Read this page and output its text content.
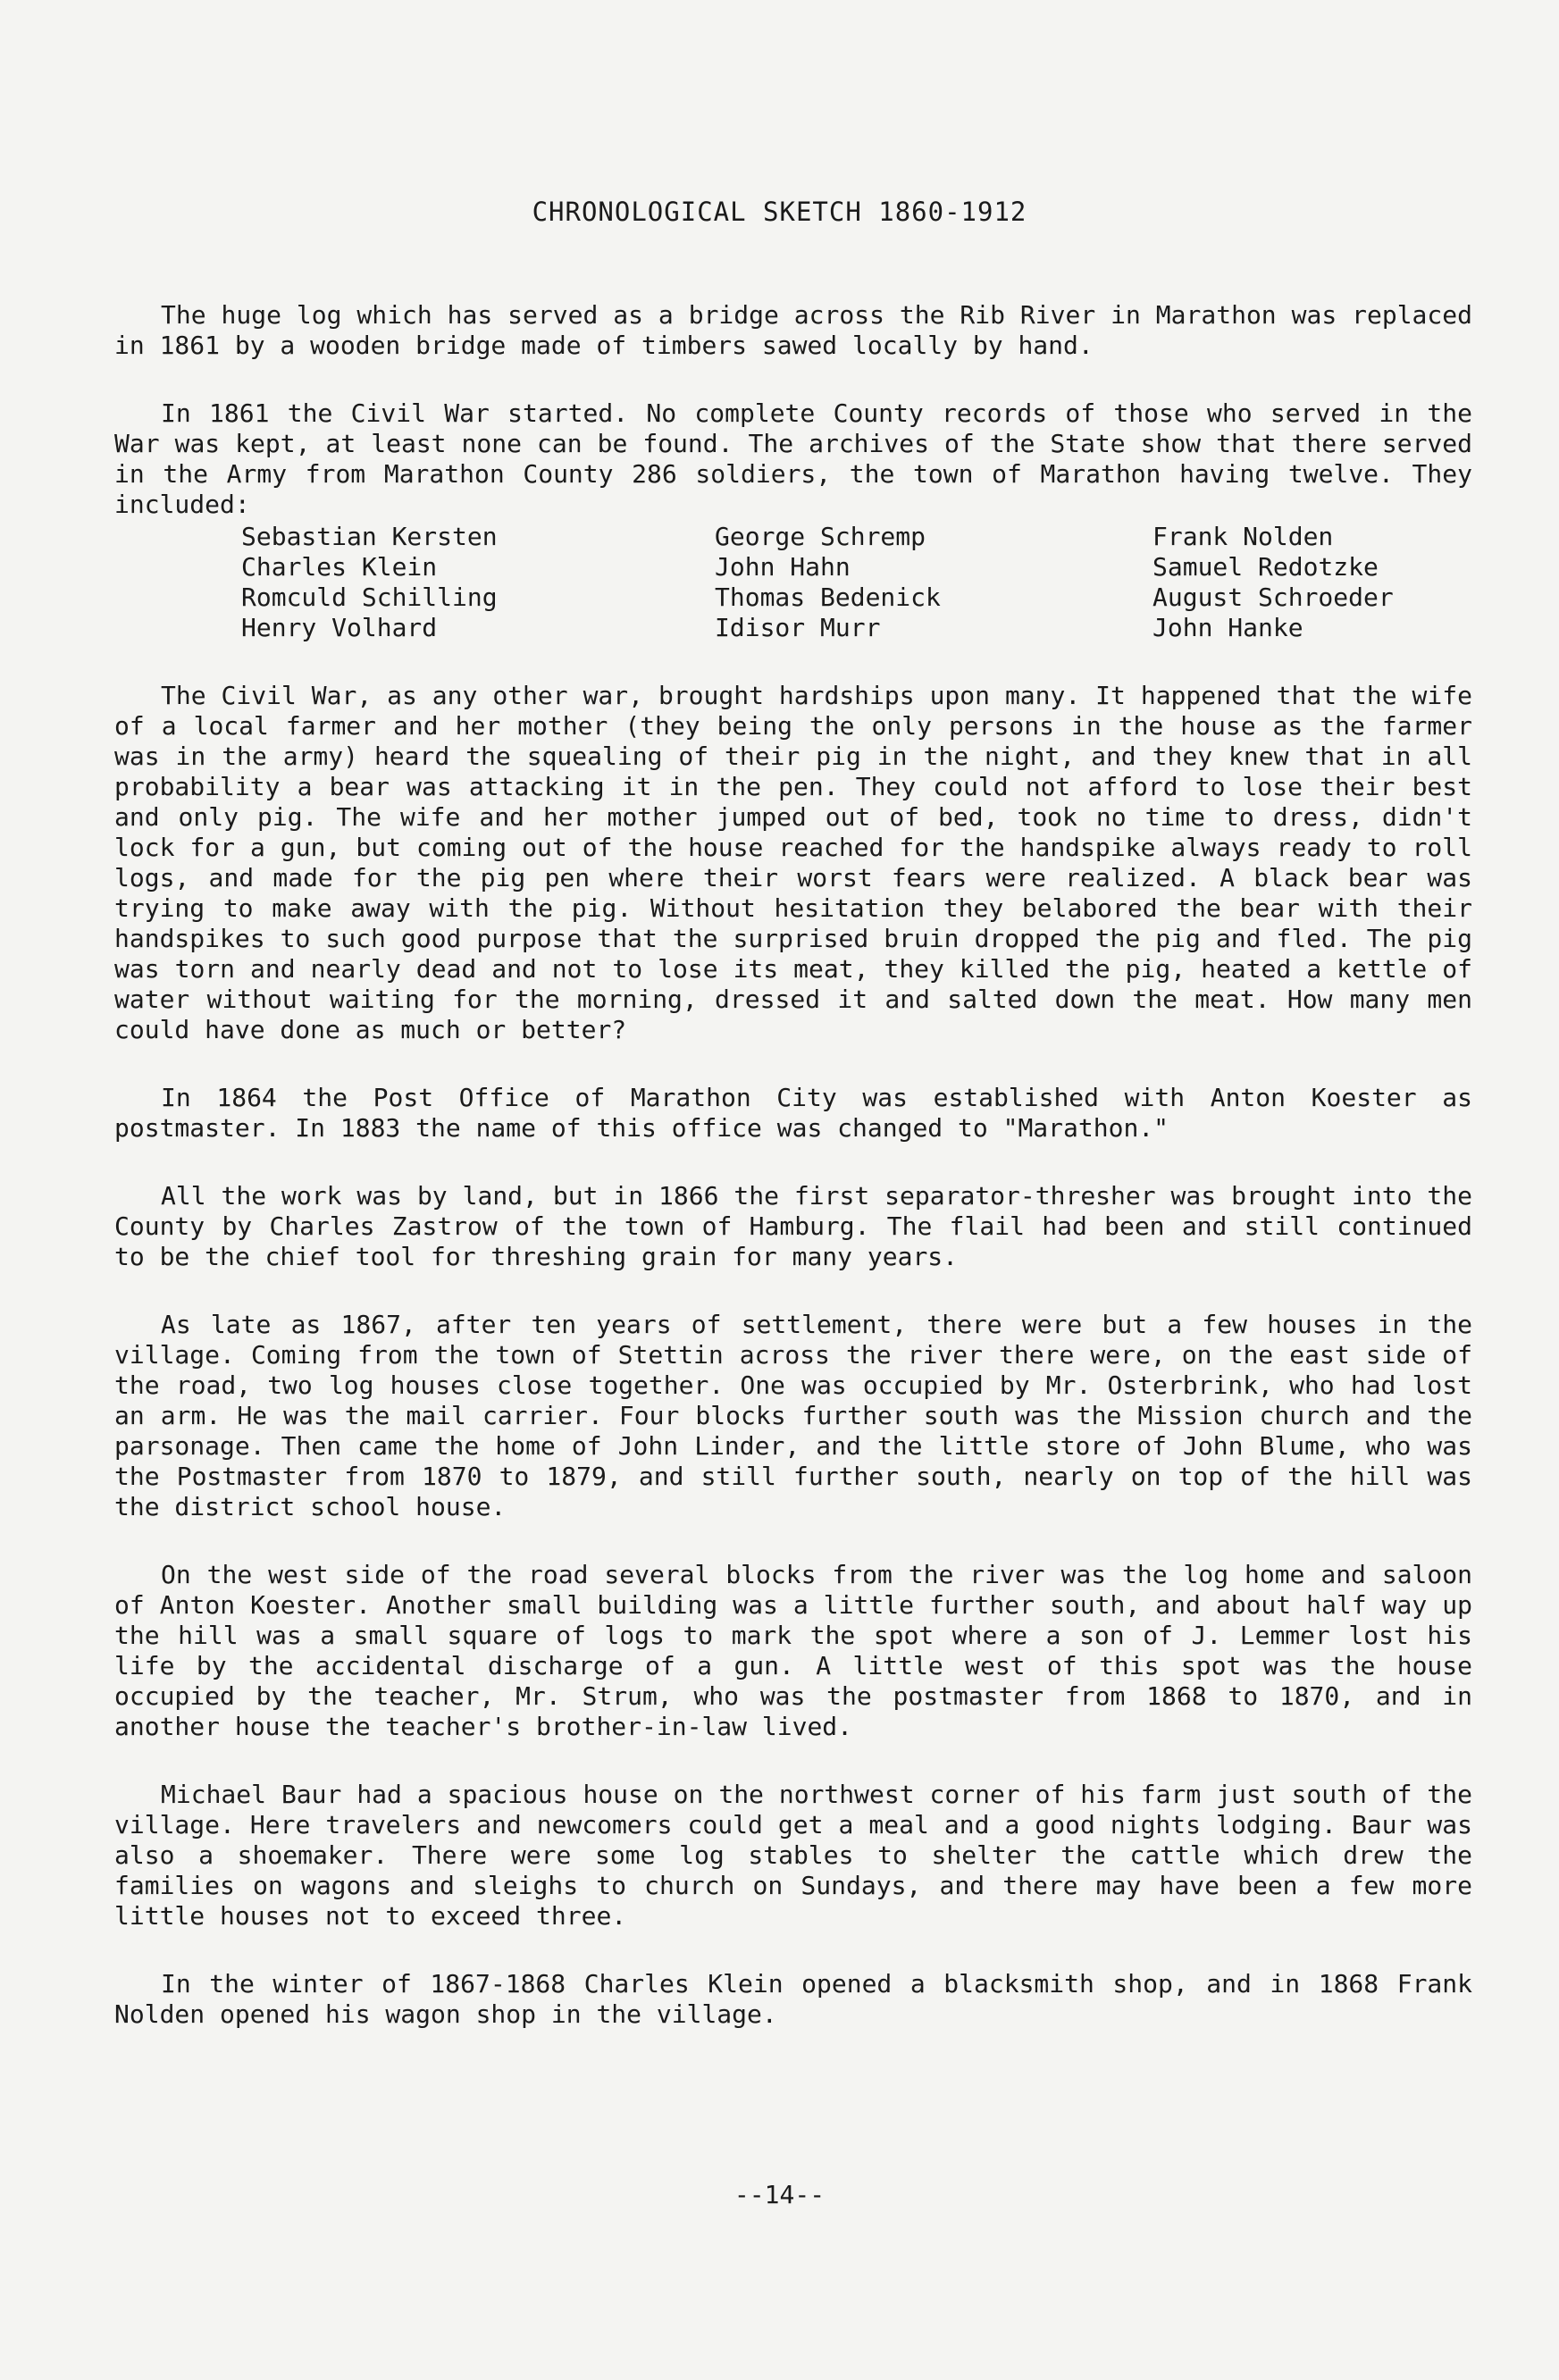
CHRONOLOGICAL SKETCH 1860-1912

The huge log which has served as a bridge across the Rib River in Marathon was replaced in 1861 by a wooden bridge made of timbers sawed locally by hand.

In 1861 the Civil War started. No complete County records of those who served in the War was kept, at least none can be found. The archives of the State show that there served in the Army from Marathon County 286 soldiers, the town of Marathon having twelve. They included:

Sebastian Kersten
Charles Klein
Romculd Schilling
Henry Volhard
George Schremp
John Hahn
Thomas Bedenick
Idisor Murr
Frank Nolden
Samuel Redotzke
August Schroeder
John Hanke

The Civil War, as any other war, brought hardships upon many. It happened that the wife of a local farmer and her mother (they being the only persons in the house as the farmer was in the army) heard the squealing of their pig in the night, and they knew that in all probability a bear was attacking it in the pen. They could not afford to lose their best and only pig. The wife and her mother jumped out of bed, took no time to dress, didn't lock for a gun, but coming out of the house reached for the handspike always ready to roll logs, and made for the pig pen where their worst fears were realized. A black bear was trying to make away with the pig. Without hesitation they belabored the bear with their handspikes to such good purpose that the surprised bruin dropped the pig and fled. The pig was torn and nearly dead and not to lose its meat, they killed the pig, heated a kettle of water without waiting for the morning, dressed it and salted down the meat. How many men could have done as much or better?

In 1864 the Post Office of Marathon City was established with Anton Koester as postmaster. In 1883 the name of this office was changed to "Marathon."

All the work was by land, but in 1866 the first separator-thresher was brought into the County by Charles Zastrow of the town of Hamburg. The flail had been and still continued to be the chief tool for threshing grain for many years.

As late as 1867, after ten years of settlement, there were but a few houses in the village. Coming from the town of Stettin across the river there were, on the east side of the road, two log houses close together. One was occupied by Mr. Osterbrink, who had lost an arm. He was the mail carrier. Four blocks further south was the Mission church and the parsonage. Then came the home of John Linder, and the little store of John Blume, who was the Postmaster from 1870 to 1879, and still further south, nearly on top of the hill was the district school house.

On the west side of the road several blocks from the river was the log home and saloon of Anton Koester. Another small building was a little further south, and about half way up the hill was a small square of logs to mark the spot where a son of J. Lemmer lost his life by the accidental discharge of a gun. A little west of this spot was the house occupied by the teacher, Mr. Strum, who was the postmaster from 1868 to 1870, and in another house the teacher's brother-in-law lived.

Michael Baur had a spacious house on the northwest corner of his farm just south of the village. Here travelers and newcomers could get a meal and a good nights lodging. Baur was also a shoemaker. There were some log stables to shelter the cattle which drew the families on wagons and sleighs to church on Sundays, and there may have been a few more little houses not to exceed three.

In the winter of 1867-1868 Charles Klein opened a blacksmith shop, and in 1868 Frank Nolden opened his wagon shop in the village.

--14--
